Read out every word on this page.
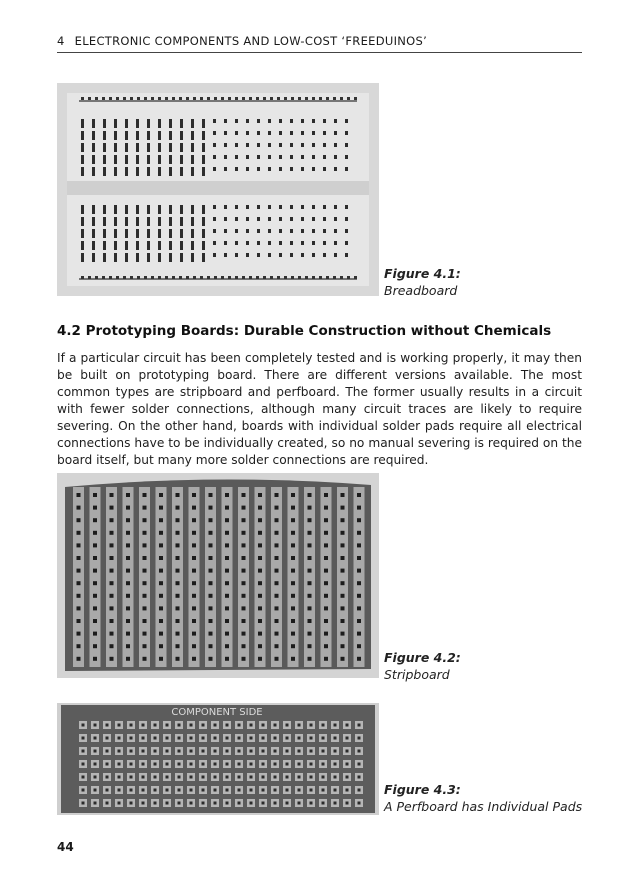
4 ELECTRONIC COMPONENTS AND LOW-COST ‘FREEDUINOS’
Figure 4.1:
Breadboard
4.2 Prototyping Boards: Durable Construction without Chemicals

If a particular circuit has been completely tested and is working properly, it may then be built on prototyping board. There are different versions available. The most common types are stripboard and perfboard. The former usually results in a circuit with fewer solder connections, although many circuit traces are likely to require severing. On the other hand, boards with individual solder pads require all electrical connections have to be individually created, so no manual severing is required on the board itself, but many more solder connections are required.

Figure 4.2:
Stripboard
COMPONENT SIDE
Figure 4.3:
A Perfboard has Individual Pads
44
